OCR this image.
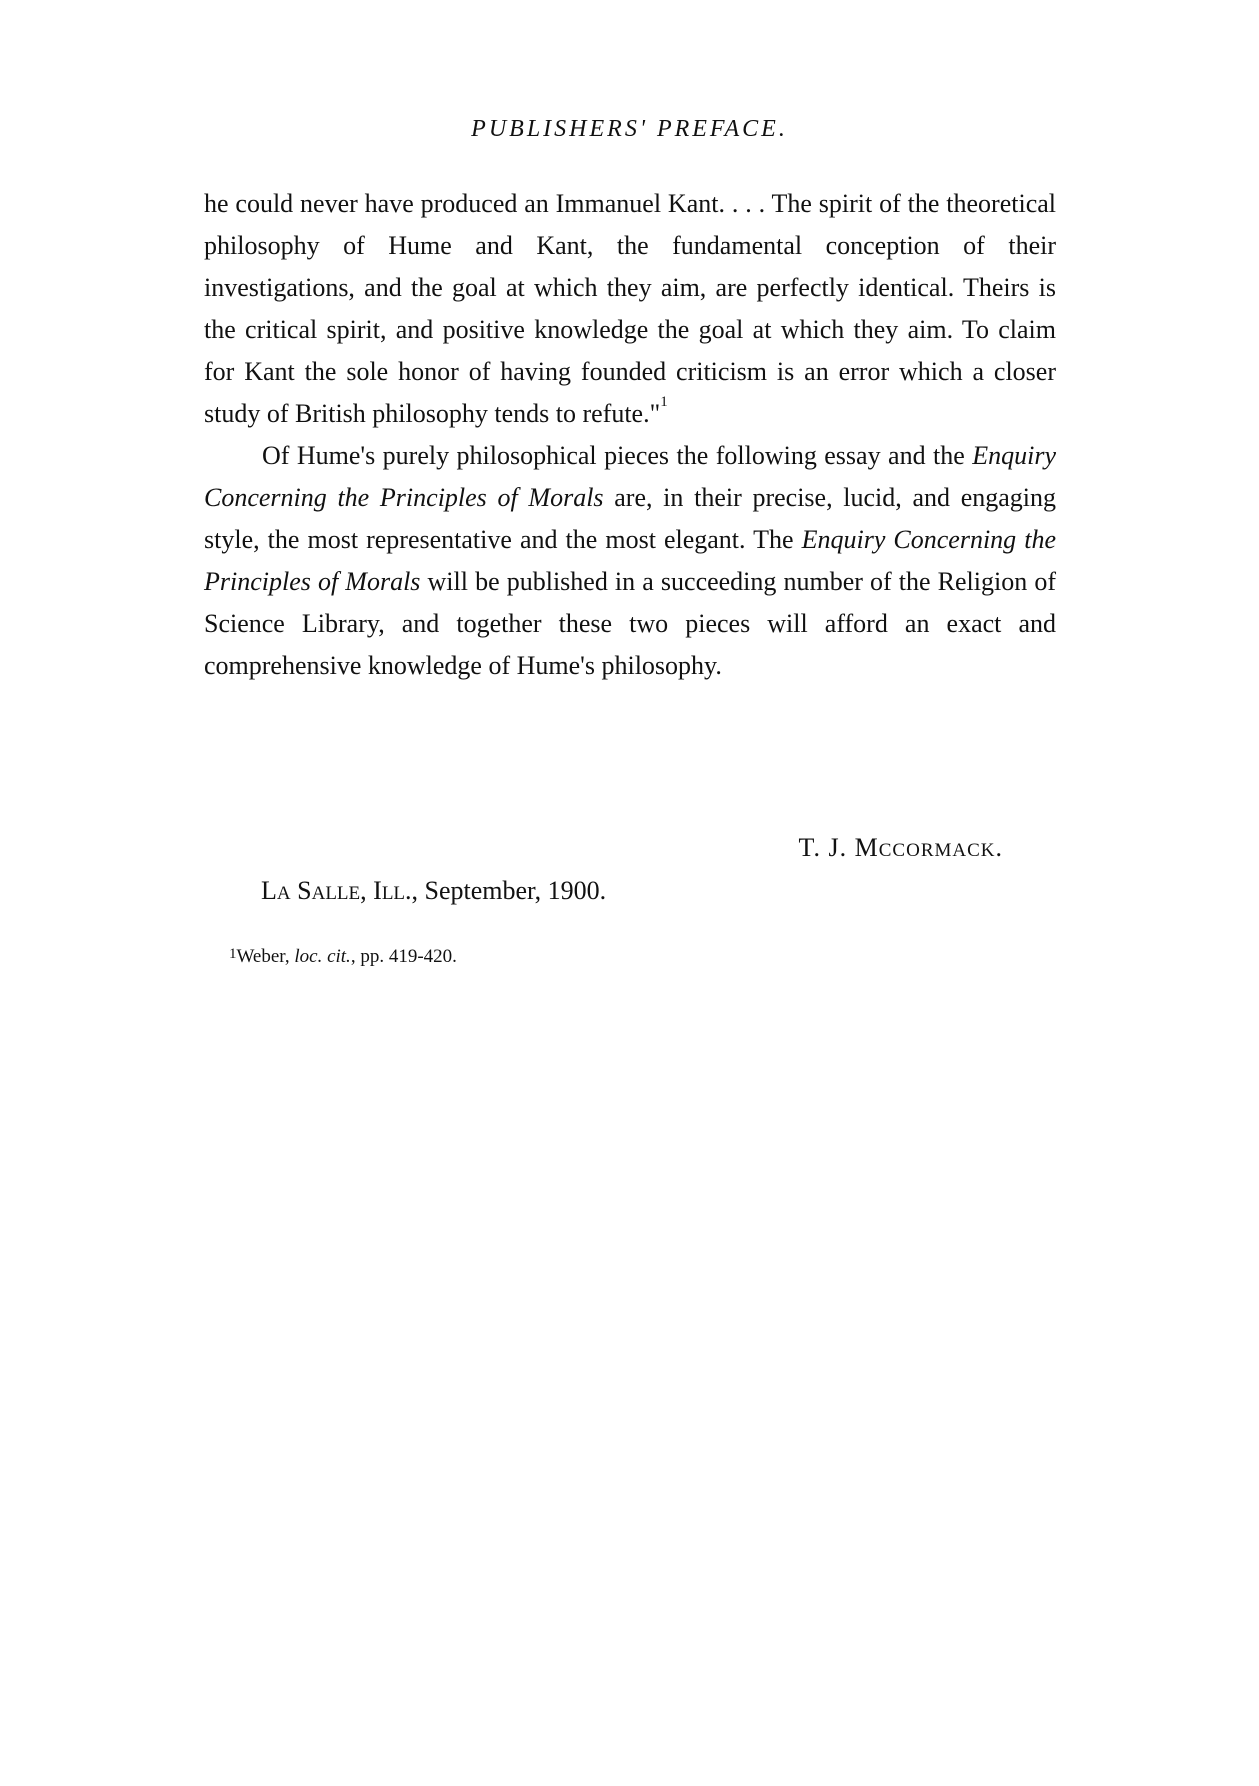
PUBLISHERS' PREFACE.

he could never have produced an Immanuel Kant. . . . The spirit of the theoretical philosophy of Hume and Kant, the fundamental conception of their investigations, and the goal at which they aim, are perfectly identical. Theirs is the critical spirit, and positive knowledge the goal at which they aim. To claim for Kant the sole honor of having founded criticism is an error which a closer study of British philosophy tends to refute."$^1$

Of Hume's purely philosophical pieces the following essay and the Enquiry Concerning the Principles of Morals are, in their precise, lucid, and engaging style, the most representative and the most elegant. The Enquiry Concerning the Principles of Morals will be published in a succeeding number of the Religion of Science Library, and together these two pieces will afford an exact and comprehensive knowledge of Hume's philosophy.

T. J. MCCORMACK.
LA SALLE, ILL., September, 1900.
$^1$Weber, loc. cit., pp. 419-420.
